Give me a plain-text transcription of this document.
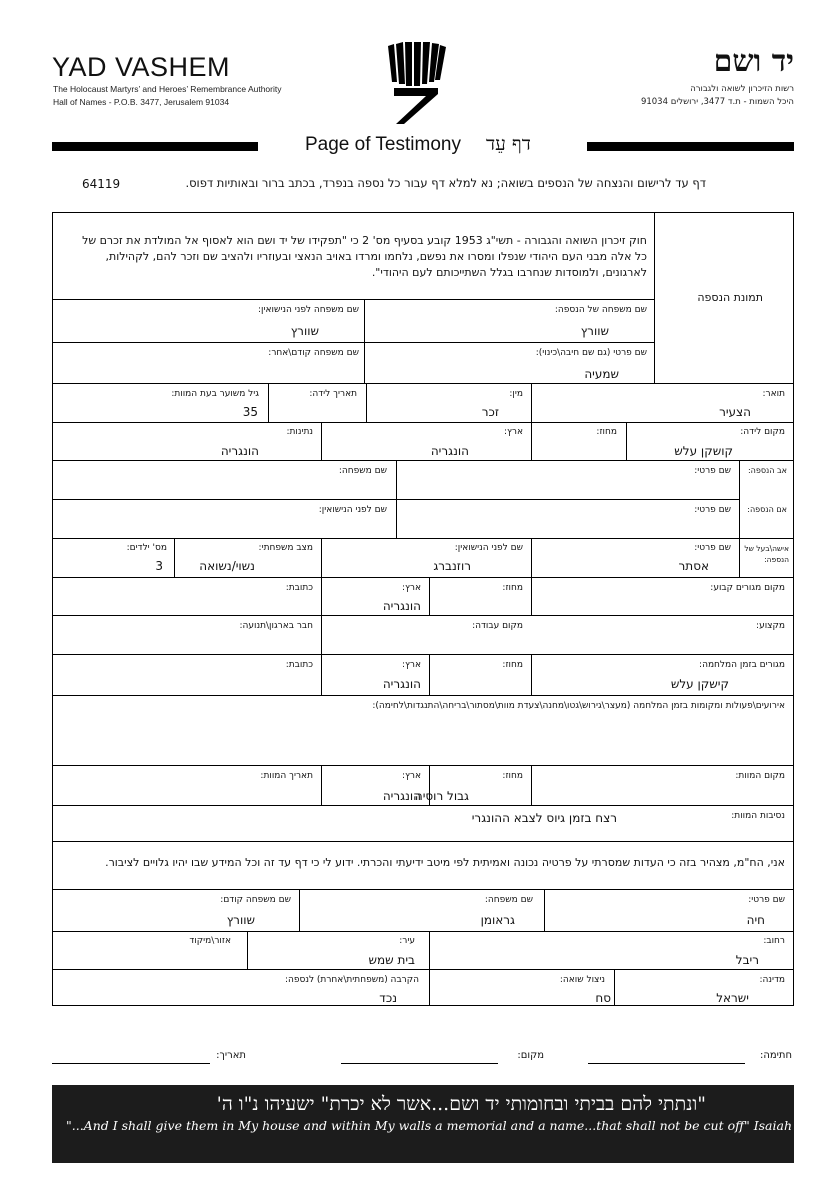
YAD VASHEM
The Holocaust Martyrs’ and Heroes’ Remembrance Authority
Hall of Names - P.O.B. 3477, Jerusalem 91034
יד ושם
רשות הזיכרון לשואה ולגבורה
היכל השמות - ת.ד 3477, ירושלים 91034
Page of Testimony דף עֵד
דף עד לרישום והנצחה של הנספים בשואה; נא למלא דף עבור כל נספה בנפרד, בכתב ברור ובאותיות דפוס.
64119
חוק זיכרון השואה והגבורה - תשי"ג 1953 קובע בסעיף מס' 2 כי "תפקידו של יד ושם הוא לאסוף אל המולדת את זכרם של כל אלה מבני העם היהודי שנפלו ומסרו את נפשם, נלחמו ומרדו באויב הנאצי ובעוזריו ולהציב שם וזכר להם, לקהילות, לארגונים, ולמוסדות שנחרבו בגלל השתייכותם לעם היהודי".
תמונת הנספה
שם משפחה של הנספה:
שוורץ
שם משפחה לפני הנישואין:
שוורץ
שם פרטי (גם שם חיבה\כינוי):
שמעיה
שם משפחה קודם\אחר:
תואר:
הצעיר
מין:
זכר
תאריך לידה:
גיל משוער בעת המוות:
35
מקום לידה:
קושקן עלש
מחוז:
ארץ:
הונגריה
נתינות:
הונגריה
אב הנספה:
שם פרטי:
שם משפחה:
אם הנספה:
שם פרטי:
שם לפני הנישואין:
אישה\בעל של הנספה:
שם פרטי:
אסתר
שם לפני הנישואין:
רוזנברג
מצב משפחתי:
נשוי/נשואה
מס' ילדים:
3
מקום מגורים קבוע:
מחוז:
ארץ:
הונגריה
כתובת:
מקצוע:
מקום עבודה:
חבר בארגון\תנועה:
מגורים בזמן המלחמה:
קישקן עלש
מחוז:
ארץ:
הונגריה
כתובת:
אירועים\פעולות ומקומות בזמן המלחמה (מעצר\גירוש\גטו\מחנה\צעדת מוות\מסתור\בריחה\התנגדות\לחימה):
מקום המוות:
מחוז:
גבול רוסיה
ארץ:
הונגריה
תאריך המוות:
נסיבות המוות:
רצח בזמן גיוס לצבא ההונגרי
אני, הח"מ, מצהיר בזה כי העדות שמסרתי על פרטיה נכונה ואמיתית לפי מיטב ידיעתי והכרתי. ידוע לי כי דף עד זה וכל המידע שבו יהיו גלויים לציבור.
שם פרטי:
חיה
שם משפחה:
גראומן
שם משפחה קודם:
שוורץ
רחוב:
ריבל
עיר:
בית שמש
אזור\מיקוד
מדינה:
ישראל
ניצול שואה:
סח
הקרבה (משפחתית\אחרת) לנספה:
נכד
חתימה:
מקום:
תאריך:
"ונתתי להם בביתי ובחומותי יד ושם...אשר לא יכרת" ישעיהו נ"ו ה'
"...And I shall give them in My house and within My walls a memorial and a name...that shall not be cut off" Isaiah 56:5
